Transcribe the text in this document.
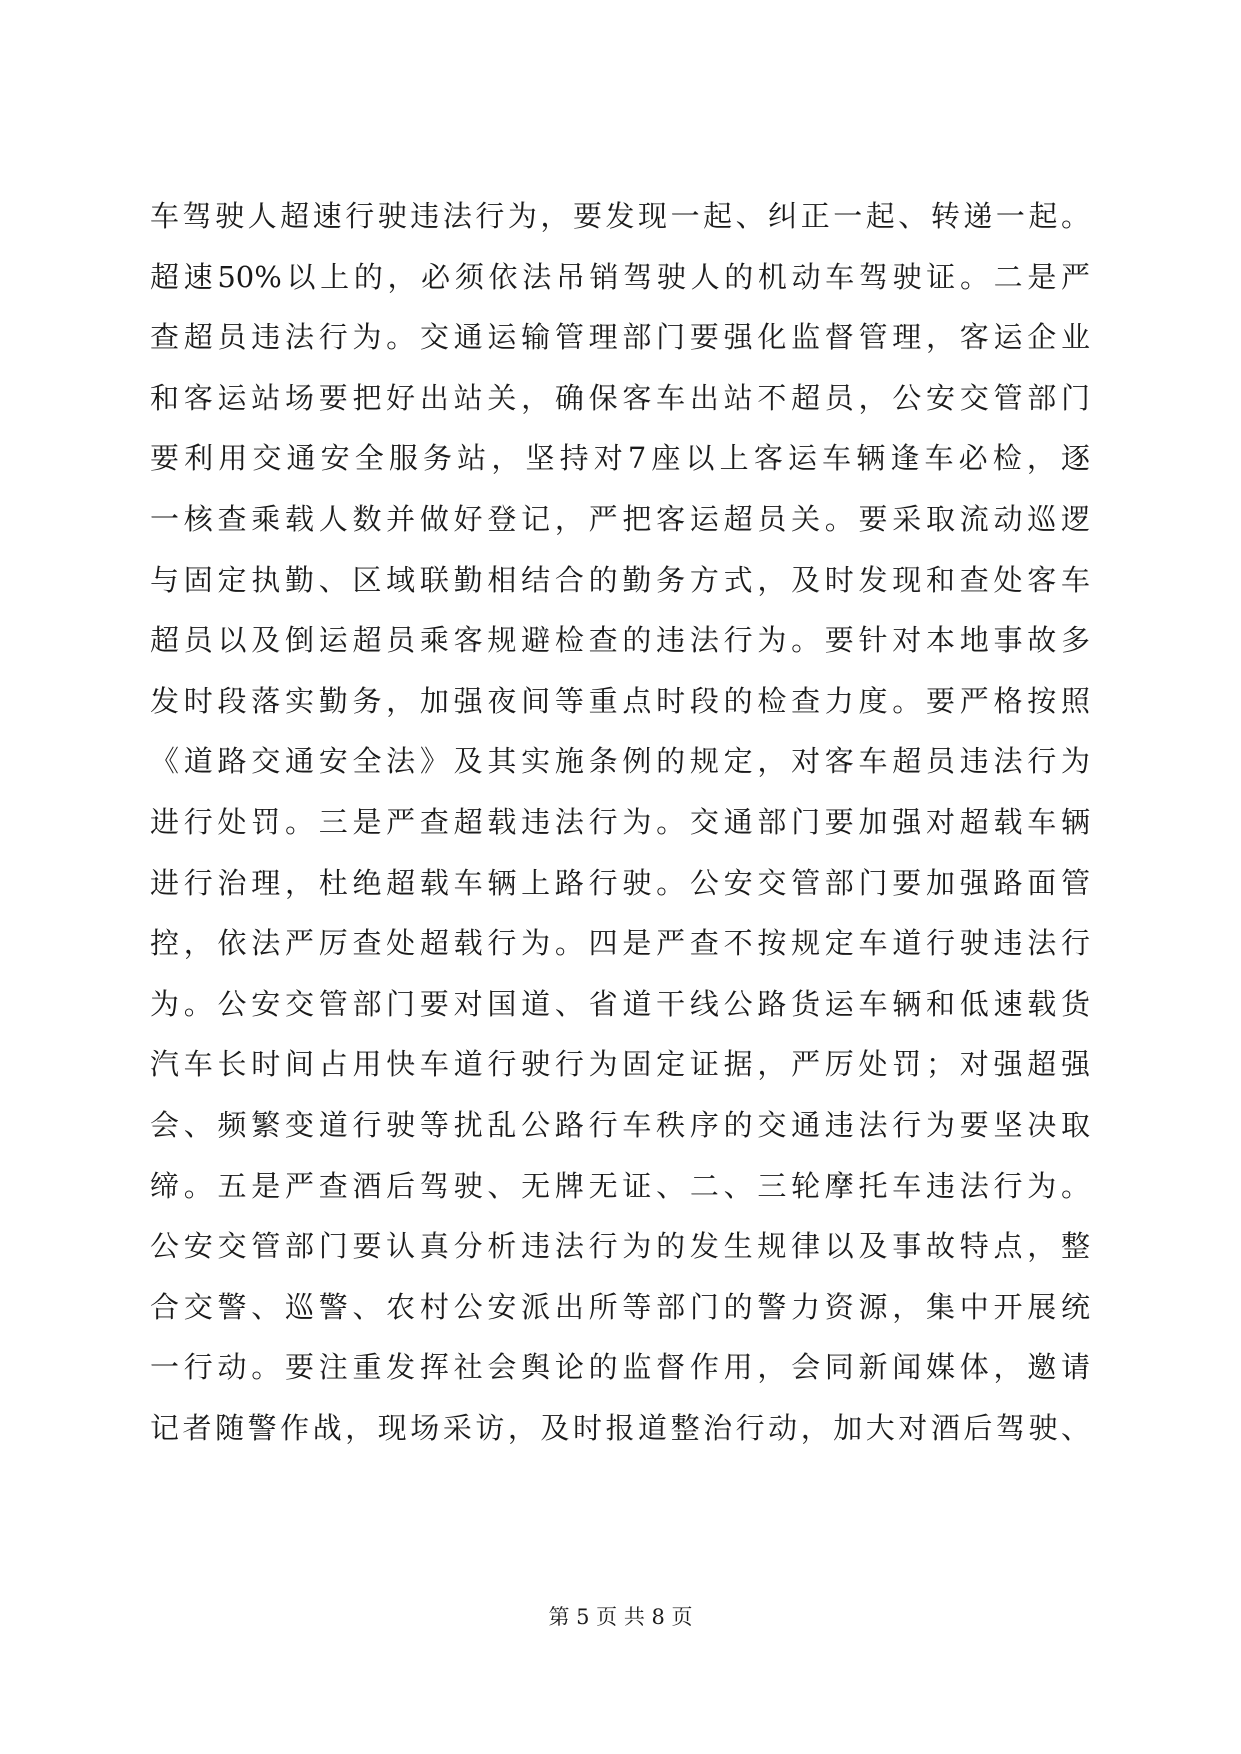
车驾驶人超速行驶违法行为，要发现一起、纠正一起、转递一起。
超速50%以上的，必须依法吊销驾驶人的机动车驾驶证。二是严
查超员违法行为。交通运输管理部门要强化监督管理，客运企业
和客运站场要把好出站关，确保客车出站不超员，公安交管部门
要利用交通安全服务站，坚持对7座以上客运车辆逢车必检，逐
一核查乘载人数并做好登记，严把客运超员关。要采取流动巡逻
与固定执勤、区域联勤相结合的勤务方式，及时发现和查处客车
超员以及倒运超员乘客规避检查的违法行为。要针对本地事故多
发时段落实勤务，加强夜间等重点时段的检查力度。要严格按照
《道路交通安全法》及其实施条例的规定，对客车超员违法行为
进行处罚。三是严查超载违法行为。交通部门要加强对超载车辆
进行治理，杜绝超载车辆上路行驶。公安交管部门要加强路面管
控，依法严厉查处超载行为。四是严查不按规定车道行驶违法行
为。公安交管部门要对国道、省道干线公路货运车辆和低速载货
汽车长时间占用快车道行驶行为固定证据，严厉处罚；对强超强
会、频繁变道行驶等扰乱公路行车秩序的交通违法行为要坚决取
缔。五是严查酒后驾驶、无牌无证、二、三轮摩托车违法行为。
公安交管部门要认真分析违法行为的发生规律以及事故特点，整
合交警、巡警、农村公安派出所等部门的警力资源，集中开展统
一行动。要注重发挥社会舆论的监督作用，会同新闻媒体，邀请
记者随警作战，现场采访，及时报道整治行动，加大对酒后驾驶、
第 5 页 共 8 页
